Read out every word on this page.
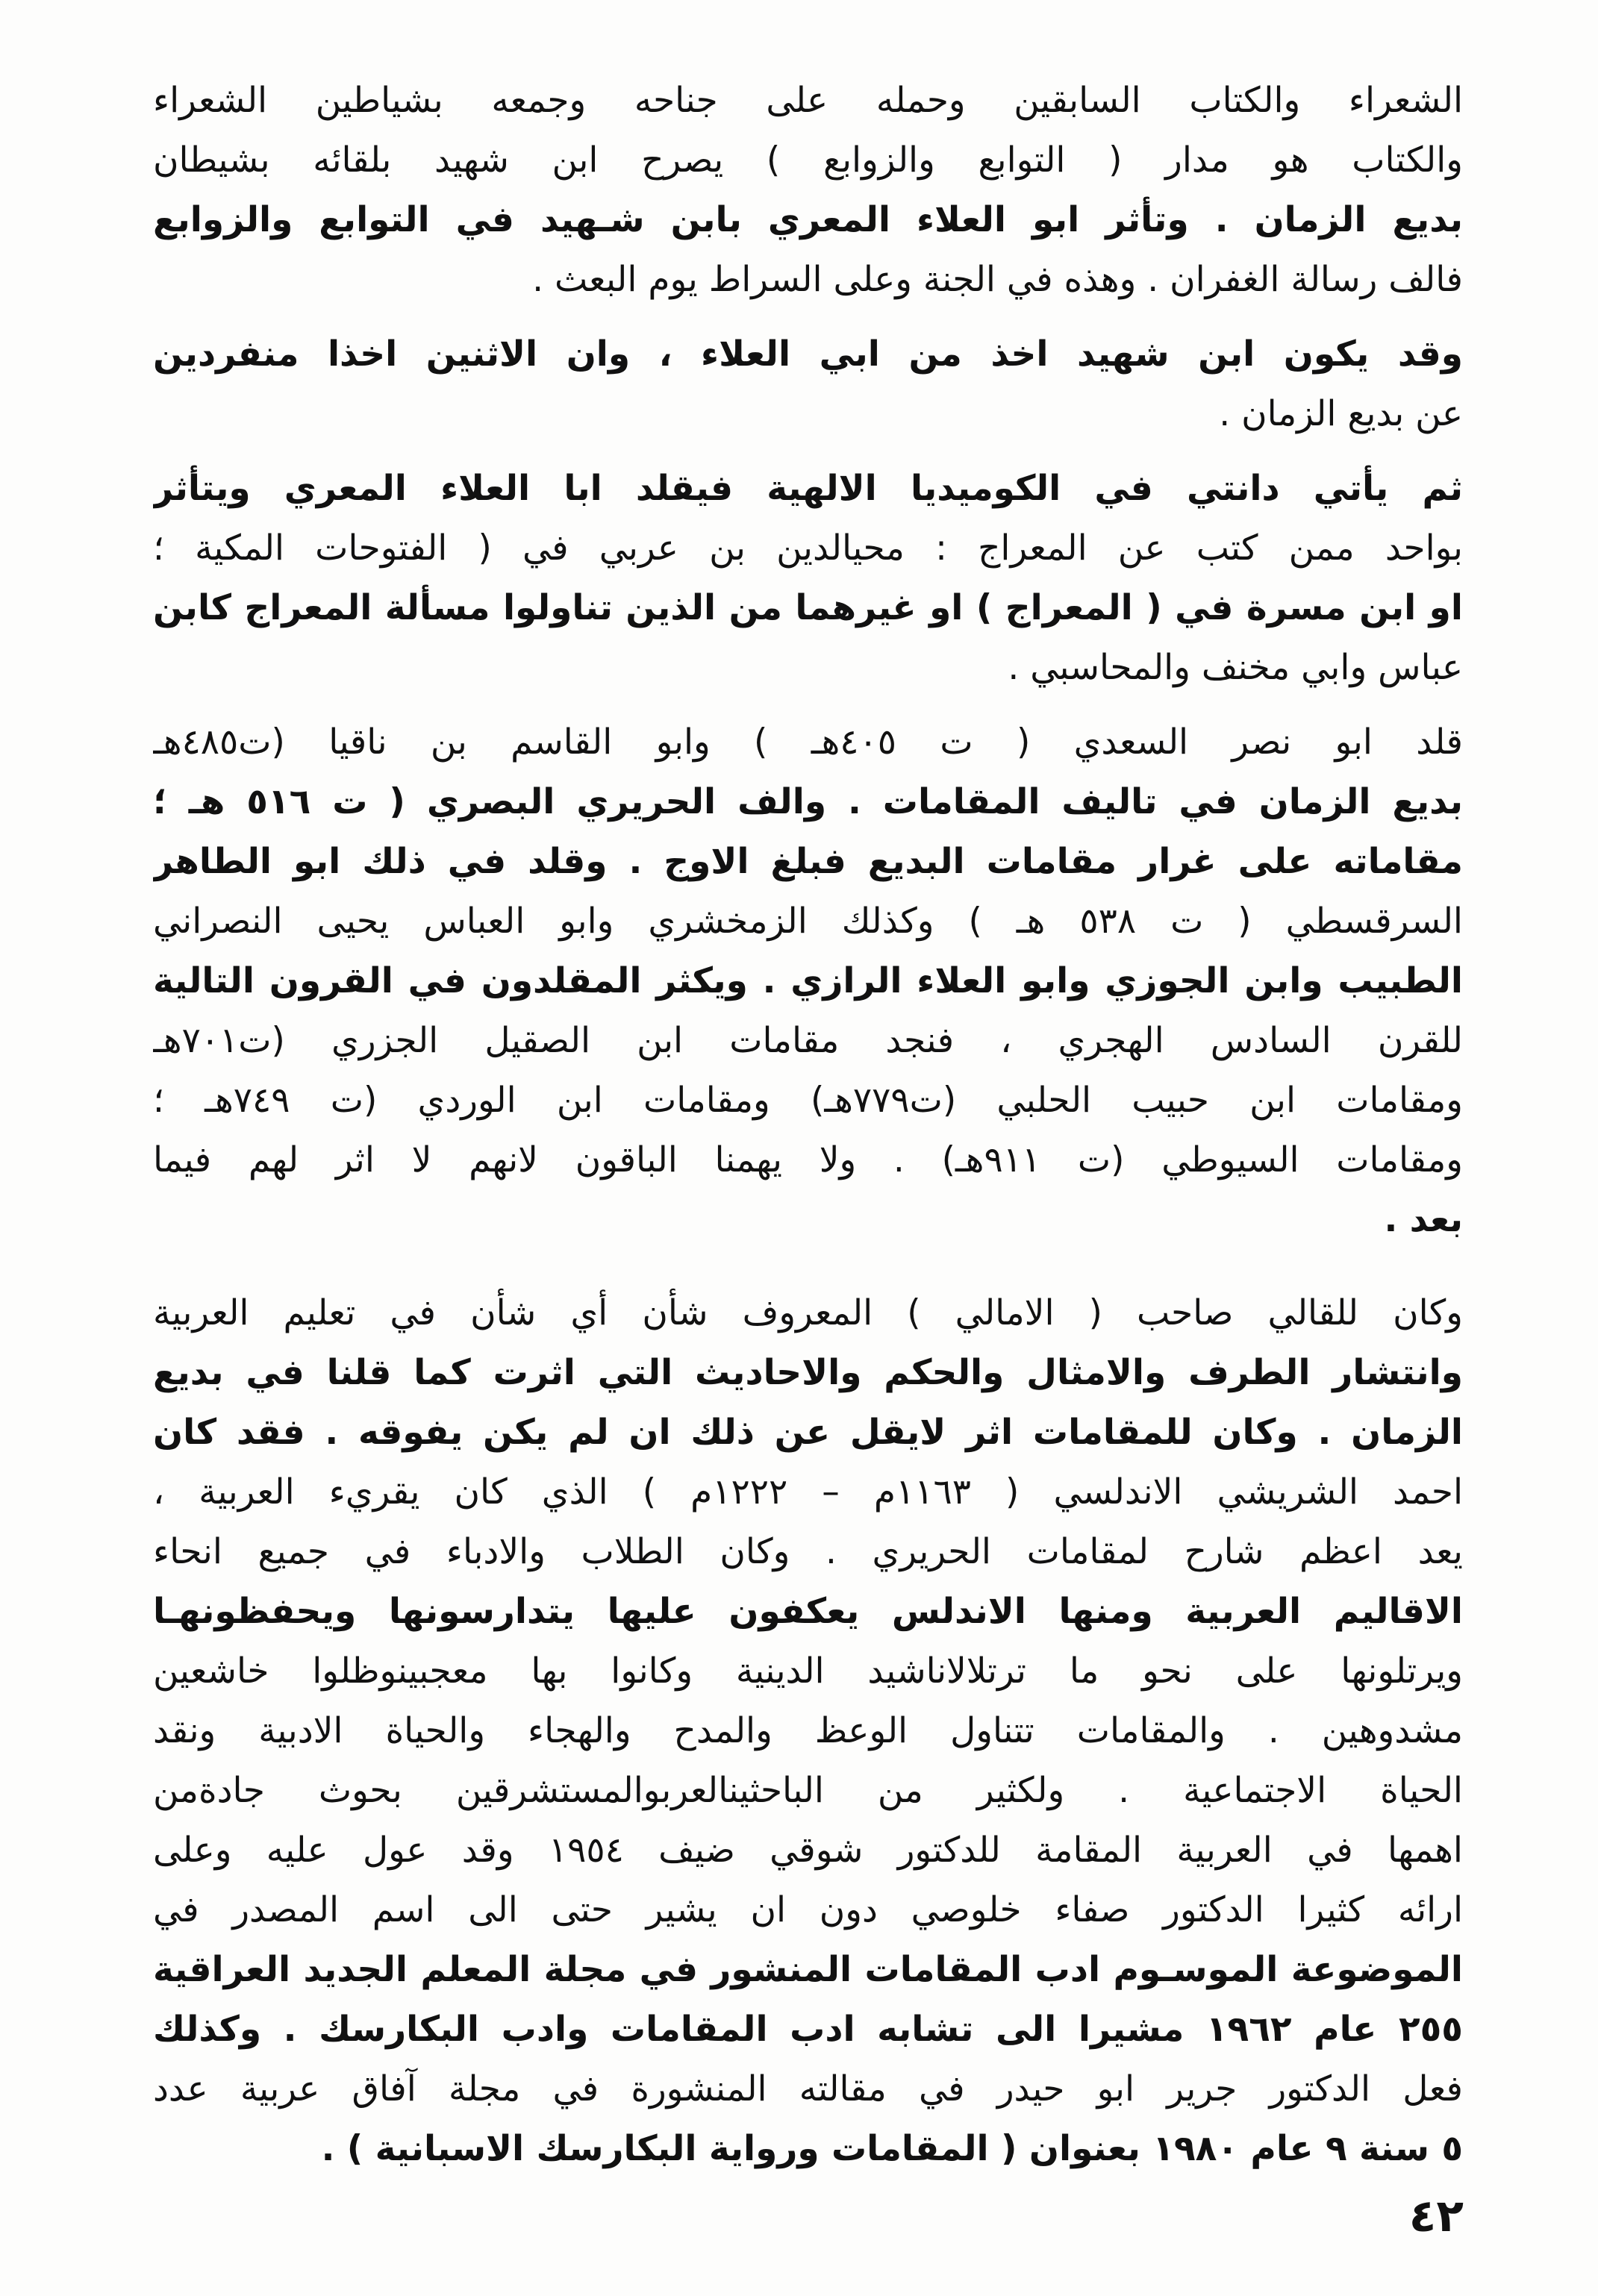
الشعراء والكتاب السابقين وحمله على جناحه وجمعه بشياطين الشعراء
والكتاب هو مدار ( التوابع والزوابع ) يصرح ابن شهيد بلقائه بشيطان
بديع الزمان . وتأثر ابو العلاء المعري بابن شـهيد في التوابع والزوابع
فالف رسالة الغفران . وهذه في الجنة وعلى السراط يوم البعث .
وقد يكون ابن شهيد اخذ من ابي العلاء ، وان الاثنين اخذا منفردين
عن بديع الزمان .
ثم يأتي دانتي في الكوميديا الالهية فيقلد ابا العلاء المعري ويتأثر
بواحد ممن كتب عن المعراج : محيالدين بن عربي في ( الفتوحات المكية ؛
او ابن مسرة في ( المعراج ) او غيرهما من الذين تناولوا مسألة المعراج كابن
عباس وابي مخنف والمحاسبي .
قلد ابو نصر السعدي ( ت ٤٠٥هـ ) وابو القاسم بن ناقيا (ت٤٨٥هـ
بديع الزمان في تاليف المقامات . والف الحريري البصري ( ت ٥١٦ هـ ؛
مقاماته على غرار مقامات البديع فبلغ الاوج . وقلد في ذلك ابو الطاهر
السرقسطي ( ت ٥٣٨ هـ ) وكذلك الزمخشري وابو العباس يحيى النصراني
الطبيب وابن الجوزي وابو العلاء الرازي . ويكثر المقلدون في القرون التالية
للقرن السادس الهجري ، فنجد مقامات ابن الصقيل الجزري (ت٧٠١هـ
ومقامات ابن حبيب الحلبي (ت٧٧٩هـ) ومقامات ابن الوردي (ت ٧٤٩هـ ؛
ومقامات السيوطي (ت ٩١١هـ) . ولا يهمنا الباقون لانهم لا اثر لهم فيما
بعد .
وكان للقالي صاحب ( الامالي ) المعروف شأن أي شأن في تعليم العربية
وانتشار الطرف والامثال والحكم والاحاديث التي اثرت كما قلنا في بديع
الزمان . وكان للمقامات اثر لايقل عن ذلك ان لم يكن يفوقه . فقد كان
احمد الشريشي الاندلسي ( ١١٦٣م – ١٢٢٢م ) الذي كان يقريء العربية ،
يعد اعظم شارح لمقامات الحريري . وكان الطلاب والادباء في جميع انحاء
الاقاليم العربية ومنها الاندلس يعكفون عليها يتدارسونها ويحفظونهـا
ويرتلونها على نحو ما ترتلالاناشيد الدينية وكانوا بها معجبينوظلوا خاشعين
مشدوهين . والمقامات تتناول الوعظ والمدح والهجاء والحياة الادبية ونقد
الحياة الاجتماعية . ولكثير من الباحثينالعربوالمستشرقين بحوث جادةمن
اهمها في العربية المقامة للدكتور شوقي ضيف ١٩٥٤ وقد عول عليه وعلى
ارائه كثيرا الدكتور صفاء خلوصي دون ان يشير حتى الى اسم المصدر في
الموضوعة الموسـوم ادب المقامات المنشور في مجلة المعلم الجديد العراقية
٢٥٥ عام ١٩٦٢ مشيرا الى تشابه ادب المقامات وادب البكارسك . وكذلك
فعل الدكتور جرير ابو حيدر في مقالته المنشورة في مجلة آفاق عربية عدد
٥ سنة ٩ عام ١٩٨٠ بعنوان ( المقامات ورواية البكارسك الاسبانية ) .
٤٢
